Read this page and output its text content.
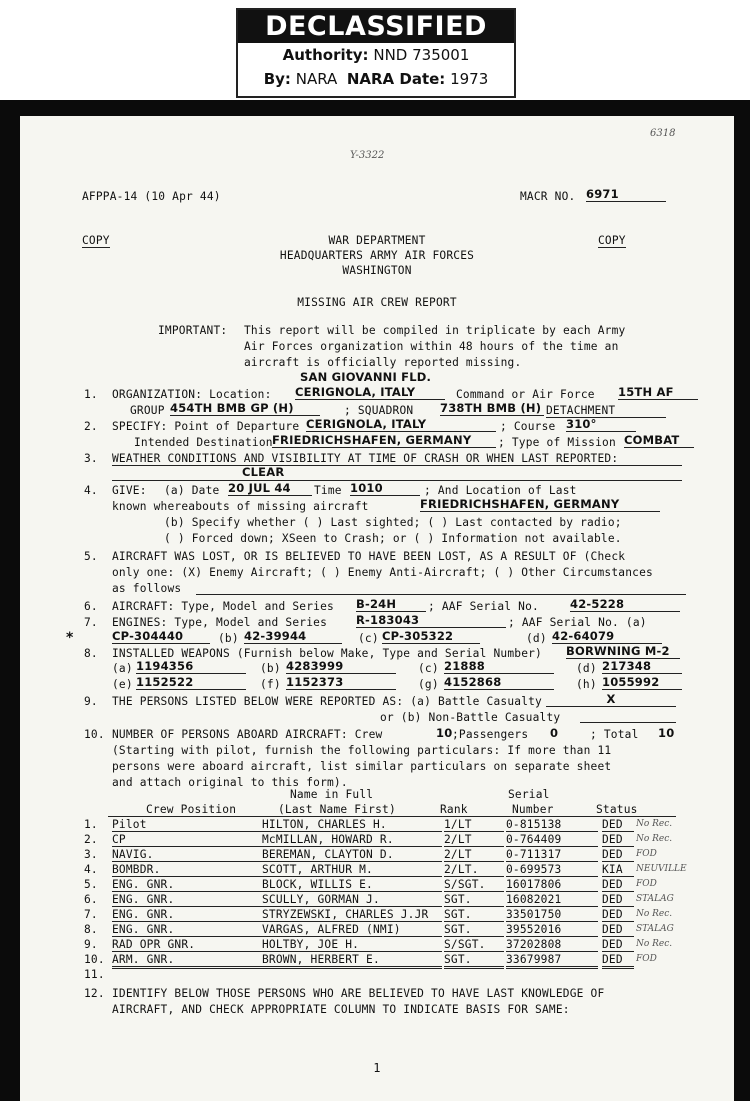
DECLASSIFIED
Authority: NND 735001
By: NARA NARA Date: 1973
Y-3322
6318
AFPPA-14 (10 Apr 44)	MACR NO. 6971
COPY	COPY
WAR DEPARTMENT
HEADQUARTERS ARMY AIR FORCES
WASHINGTON
MISSING AIR CREW REPORT
IMPORTANT: This report will be compiled in triplicate by each Army
Air Forces organization within 48 hours of the time an
aircraft is officially reported missing.
SAN GIOVANNI FLD.
1. ORGANIZATION: Location: CERIGNOLA, ITALY	Command or Air Force 15TH AF
GROUP 454TH BMB GP (H)	; SQUADRON 738TH BMB (H) DETACHMENT
2. SPECIFY: Point of Departure CERIGNOLA, ITALY	; Course 310°
Intended Destination FRIEDRICHSHAFEN, GERMANY	; Type of Mission COMBAT
3. WEATHER CONDITIONS AND VISIBILITY AT TIME OF CRASH OR WHEN LAST REPORTED:
CLEAR
4. GIVE: (a) Date 20 JUL 44	Time 1010	; And Location of Last
known whereabouts of missing aircraft	FRIEDRICHSHAFEN, GERMANY
(b) Specify whether ( ) Last sighted; ( ) Last contacted by radio;
( ) Forced down; XSeen to Crash; or ( ) Information not available.
5. AIRCRAFT WAS LOST, OR IS BELIEVED TO HAVE BEEN LOST, AS A RESULT OF (Check
only one: (X) Enemy Aircraft; ( ) Enemy Anti-Aircraft; ( ) Other Circumstances
as follows
6. AIRCRAFT: Type, Model and Series B-24H	; AAF Serial No.	42-5228
7. ENGINES: Type, Model and Series	R-183043	; AAF Serial No. (a)
CP-304440	(b) 42-39944	(c) CP-305322	(d) 42-64079
*
8. INSTALLED WEAPONS (Furnish below Make, Type and Serial Number) BORWNING M-2
(a) 1194356	(b) 4283999	(c) 21888	(d) 217348
(e) 1152522	(f) 1152373	(g) 4152868	(h) 1055992
9. THE PERSONS LISTED BELOW WERE REPORTED AS: (a) Battle Casualty	X
or (b) Non-Battle Casualty
10. NUMBER OF PERSONS ABOARD AIRCRAFT: Crew	10 ;Passengers 0	; Total 10
(Starting with pilot, furnish the following particulars: If more than 11
persons were aboard aircraft, list similar particulars on separate sheet
and attach original to this form).
Name in Full	Serial
Crew Position	(Last Name First)	Rank	Number	Status
1.	Pilot	HILTON, CHARLES H.	1/LT	0-815138	DED	No Rec.
2.	CP	McMILLAN, HOWARD R.	2/LT	0-764409	DED	No Rec.
3.	NAVIG.	BEREMAN, CLAYTON D.	2/LT	0-711317	DED	FOD
4.	BOMBDR.	SCOTT, ARTHUR M.	2/LT.	0-699573	KIA	NEUVILLE
5.	ENG. GNR.	BLOCK, WILLIS E.	S/SGT.	16017806	DED	FOD
6.	ENG. GNR.	SCULLY, GORMAN J.	SGT.	16082021	DED	STALAG
7.	ENG. GNR.	STRYZEWSKI, CHARLES J.JR	SGT.	33501750	DED	No Rec.
8.	ENG. GNR.	VARGAS, ALFRED (NMI)	SGT.	39552016	DED	STALAG
9.	RAD OPR GNR.	HOLTBY, JOE H.	S/SGT.	37202808	DED	No Rec.
10. ARM. GNR.	BROWN, HERBERT E.	SGT.	33679987	DED	FOD
11.
12. IDENTIFY BELOW THOSE PERSONS WHO ARE BELIEVED TO HAVE LAST KNOWLEDGE OF
AIRCRAFT, AND CHECK APPROPRIATE COLUMN TO INDICATE BASIS FOR SAME:
1
